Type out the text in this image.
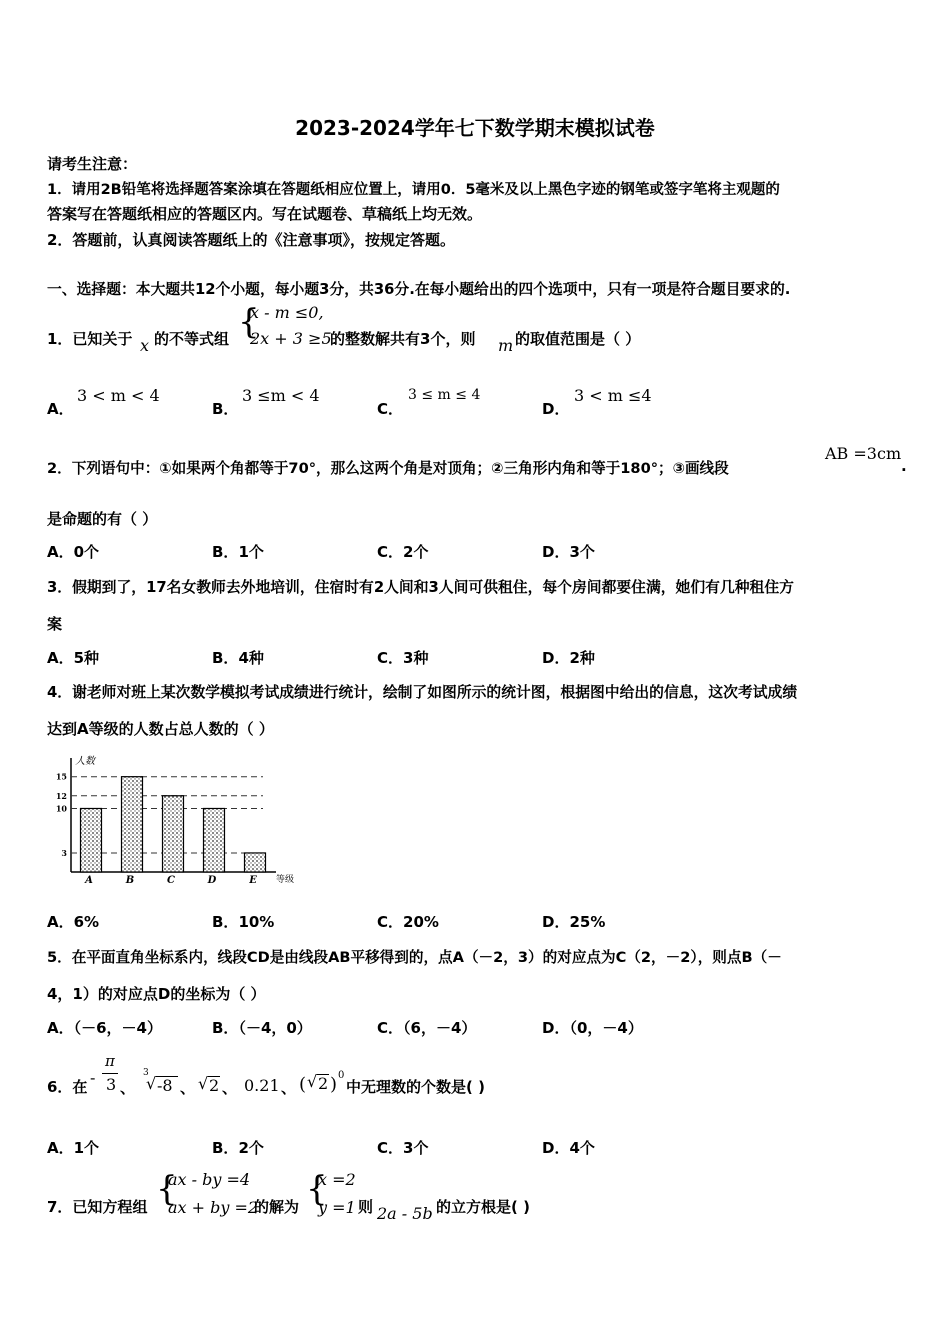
2023-2024学年七下数学期末模拟试卷
请考生注意：
1．请用2B铅笔将选择题答案涂填在答题纸相应位置上，请用0．5毫米及以上黑色字迹的钢笔或签字笔将主观题的
答案写在答题纸相应的答题区内。写在试题卷、草稿纸上均无效。
2．答题前，认真阅读答题纸上的《注意事项》，按规定答题。
一、选择题：本大题共12个小题，每小题3分，共36分.在每小题给出的四个选项中，只有一项是符合题目要求的.
1．已知关于 x 的不等式组 {
x - m ≤0,
2x + 3 ≥5.
的整数解共有3个，则 m 的取值范围是（ ）
A．
3 < m < 4
B．
3 ≤m < 4
C．
3 ≤ m ≤ 4
D．
3 < m ≤4
2．下列语句中：①如果两个角都等于70°，那么这两个角是对顶角；②三角形内角和等于180°；③画线段
AB =3cm
.
是命题的有（ ）
A．0个	B．1个	C．2个	D．3个
3．假期到了，17名女教师去外地培训，住宿时有2人间和3人间可供租住，每个房间都要住满，她们有几种租住方
案
A．5种	B．4种	C．3种	D．2种
4．谢老师对班上某次数学模拟考试成绩进行统计，绘制了如图所示的统计图，根据图中给出的信息，这次考试成绩
达到A等级的人数占总人数的（ ）
人数
等级
3
10
12
15
A	B	C	D	E
A．6%	B．10%	C．20%	D．25%
5．在平面直角坐标系内，线段CD是由线段AB平移得到的，点A（－2，3）的对应点为C（2，－2），则点B（－
4，1）的对应点D的坐标为（ ）
A．（－6，－4）	B．（－4，0）	C．（6，－4）	D．（0，－4）
6．在 -
π
3 、
3
√ -8 、 √ 2 、 0.21 、 ( √ 2 ) 0
中无理数的个数是( )
A．1个	B．2个	C．3个	D．4个
7．已知方程组 {
ax - by =4
ax + by =2
的解为 {
x =2
y =1 则 2a - 5b 的立方根是( )
